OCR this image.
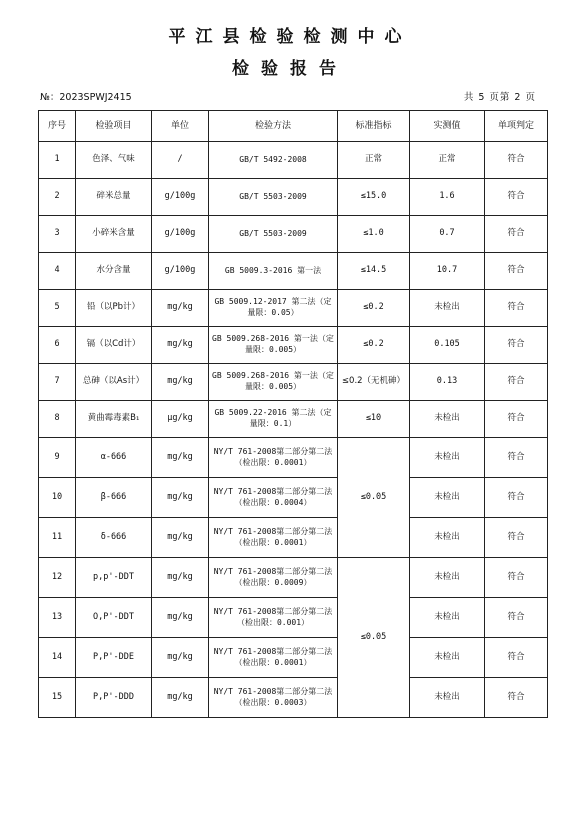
平江县检验检测中心
检验报告
№：2023SPWJ2415	共 5 页第 2 页
序号	检验项目	单位	检验方法	标准指标	实测值	单项判定
1	色泽、气味	/	GB/T 5492-2008	正常	正常	符合
2	碎米总量	g/100g	GB/T 5503-2009	≤15.0	1.6	符合
3	小碎米含量	g/100g	GB/T 5503-2009	≤1.0	0.7	符合
4	水分含量	g/100g	GB 5009.3-2016 第一法	≤14.5	10.7	符合
5	铅（以Pb计）	mg/kg	GB 5009.12-2017 第二法（定量限：0.05）	≤0.2	未检出	符合
6	镉（以Cd计）	mg/kg	GB 5009.268-2016 第一法（定量限：0.005）	≤0.2	0.105	符合
7	总砷（以As计）	mg/kg	GB 5009.268-2016 第一法（定量限：0.005）	≤0.2（无机砷）	0.13	符合
8	黄曲霉毒素B₁	μg/kg	GB 5009.22-2016 第二法（定量限：0.1）	≤10	未检出	符合
9	α-666	mg/kg	NY/T 761-2008第二部分第二法（检出限：0.0001）	≤0.05	未检出	符合
10	β-666	mg/kg	NY/T 761-2008第二部分第二法（检出限：0.0004）		未检出	符合
11	δ-666	mg/kg	NY/T 761-2008第二部分第二法（检出限：0.0001）		未检出	符合
12	p,p'-DDT	mg/kg	NY/T 761-2008第二部分第二法（检出限：0.0009）	≤0.05	未检出	符合
13	O,P'-DDT	mg/kg	NY/T 761-2008第二部分第二法（检出限：0.001）		未检出	符合
14	P,P'-DDE	mg/kg	NY/T 761-2008第二部分第二法（检出限：0.0001）		未检出	符合
15	P,P'-DDD	mg/kg	NY/T 761-2008第二部分第二法（检出限：0.0003）		未检出	符合
